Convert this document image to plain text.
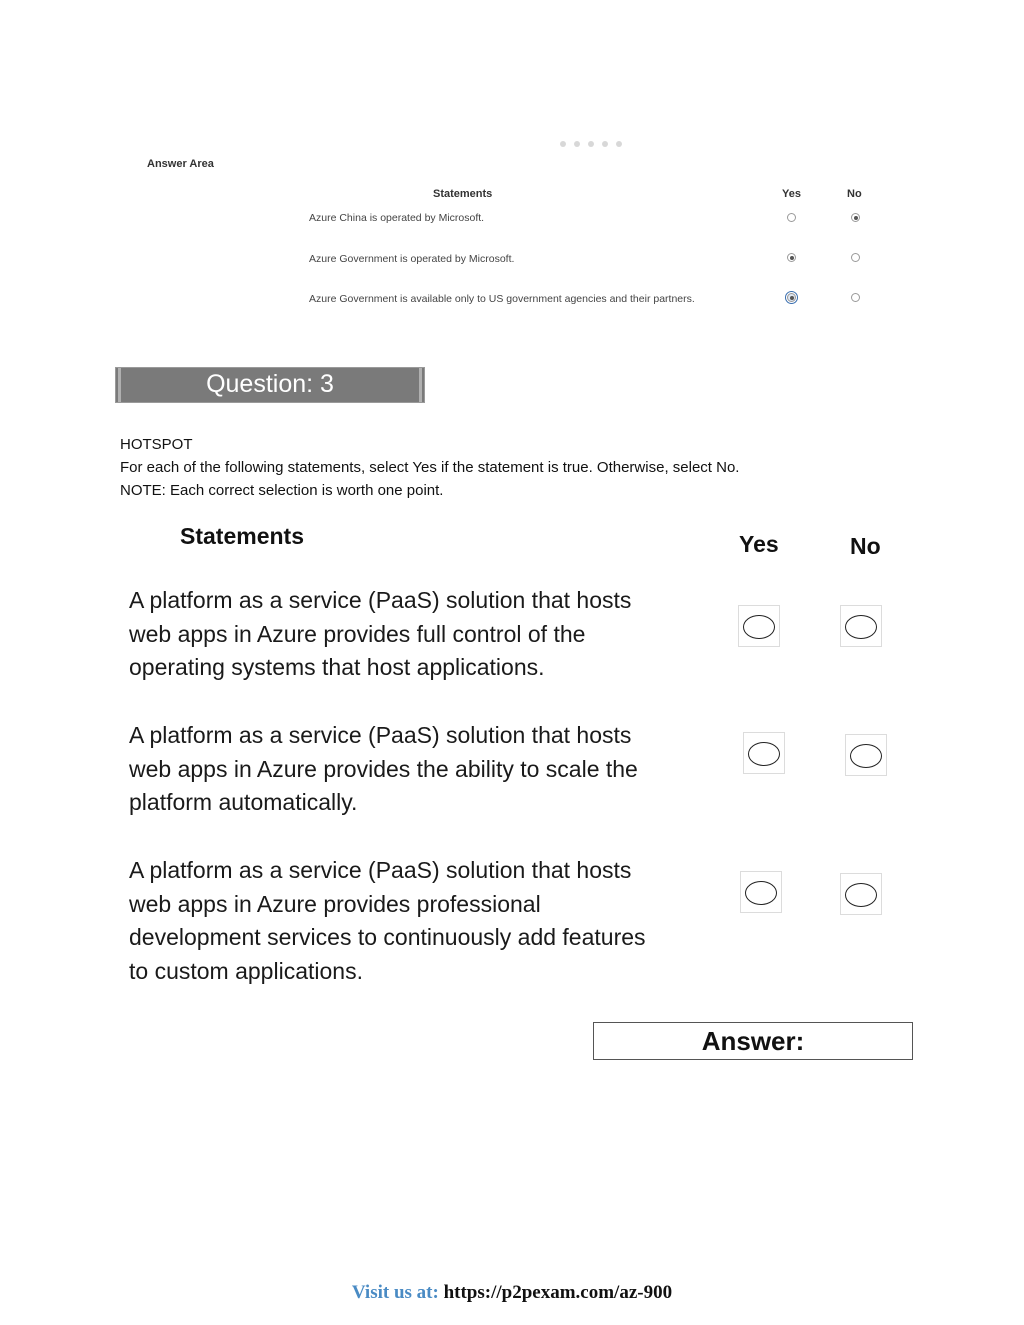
Answer Area
Statements	Yes	No
Azure China is operated by Microsoft.
Azure Government is operated by Microsoft.
Azure Government is available only to US government agencies and their partners.
Question: 3
HOTSPOT
For each of the following statements, select Yes if the statement is true. Otherwise, select No.
NOTE: Each correct selection is worth one point.
Statements	Yes	No
A platform as a service (PaaS) solution that hosts
web apps in Azure provides full control of the
operating systems that host applications.
A platform as a service (PaaS) solution that hosts
web apps in Azure provides the ability to scale the
platform automatically.
A platform as a service (PaaS) solution that hosts
web apps in Azure provides professional
development services to continuously add features
to custom applications.
Answer:
Visit us at: https://p2pexam.com/az-900
